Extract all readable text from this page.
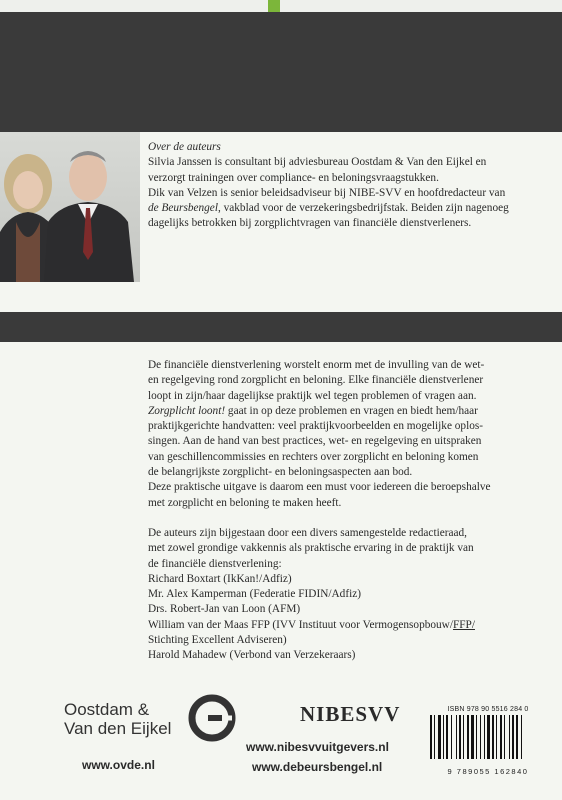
Over de auteurs

Silvia Janssen is consultant bij adviesbureau Oostdam & Van den Eijkel en

verzorgt trainingen over compliance- en beloningsvraagstukken.

Dik van Velzen is senior beleidsadviseur bij NIBE-SVV en hoofdredacteur van

de Beursbengel, vakblad voor de verzekeringsbedrijfstak. Beiden zijn nagenoeg

dagelijks betrokken bij zorgplichtvragen van financiële dienstverleners.

De financiële dienstverlening worstelt enorm met de invulling van de wet-

en regelgeving rond zorgplicht en beloning. Elke financiële dienstverlener

loopt in zijn/haar dagelijkse praktijk wel tegen problemen of vragen aan.

Zorgplicht loont! gaat in op deze problemen en vragen en biedt hem/haar

praktijkgerichte handvatten: veel praktijkvoorbeelden en mogelijke oplos-

singen. Aan de hand van best practices, wet- en regelgeving en uitspraken

van geschillencommissies en rechters over zorgplicht en beloning komen

de belangrijkste zorgplicht- en beloningsaspecten aan bod.

Deze praktische uitgave is daarom een must voor iedereen die beroepshalve

met zorgplicht en beloning te maken heeft.

De auteurs zijn bijgestaan door een divers samengestelde redactieraad,

met zowel grondige vakkennis als praktische ervaring in de praktijk van

de financiële dienstverlening:

Richard Boxtart (IkKan!/Adfiz)

Mr. Alex Kamperman (Federatie FIDIN/Adfiz)

Drs. Robert-Jan van Loon (AFM)

William van der Maas FFP (IVV Instituut voor Vermogensopbouw/FFP/

Stichting Excellent Adviseren)

Harold Mahadew (Verbond van Verzekeraars)

ISBN 978 90 5516 284 0
9 789055 162840
Oostdam &
Van den Eijkel
NIBESVV
www.ovde.nl
www.nibesvvuitgevers.nl
www.debeursbengel.nl
